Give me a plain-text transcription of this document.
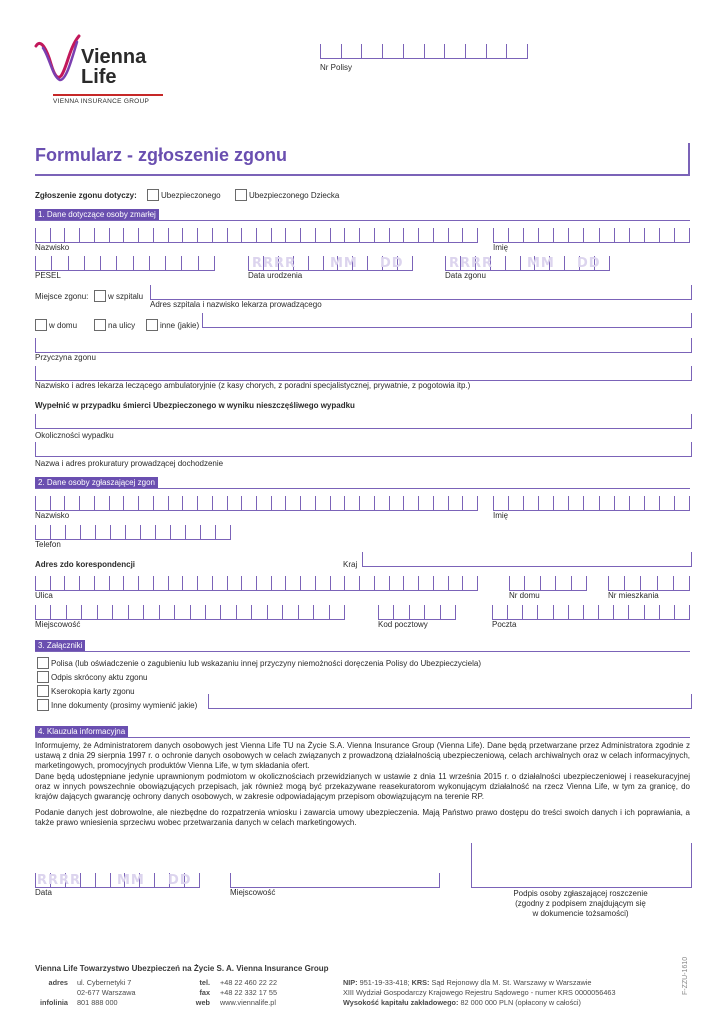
Vienna
Life
VIENNA INSURANCE GROUP
Nr Polisy
Formularz - zgłoszenie zgonu
Zgłoszenie zgonu dotyczy:	Ubezpieczonego	Ubezpieczonego Dziecka
1. Dane dotyczące osoby zmarłej
Nazwisko	Imię
RRRR	MM DD	RRRR	MM DD
PESEL	Data urodzenia	Data zgonu
Miejsce zgonu: w szpitalu
Adres szpitala i nazwisko lekarza prowadzącego
w domu	na ulicy	inne (jakie)
Przyczyna zgonu
Nazwisko i adres lekarza leczącego ambulatoryjnie (z kasy chorych, z poradni specjalistycznej, prywatnie, z pogotowia itp.)
Wypełnić w przypadku śmierci Ubezpieczonego w wyniku nieszczęśliwego wypadku
Okoliczności wypadku
Nazwa i adres prokuratury prowadzącej dochodzenie
2. Dane osoby zgłaszającej zgon
Nazwisko	Imię
Telefon
Adres zdo korespondencji	Kraj
Ulica	Nr domu	Nr mieszkania
Miejscowość	Kod pocztowy	Poczta
3. Załączniki
Polisa (lub oświadczenie o zagubieniu lub wskazaniu innej przyczyny niemożności doręczenia Polisy do Ubezpieczyciela)
Odpis skrócony aktu zgonu
Kserokopia karty zgonu
Inne dokumenty (prosimy wymienić jakie)
4. Klauzula informacyjna
Informujemy, że Administratorem danych osobowych jest Vienna Life TU na Życie S.A. Vienna Insurance Group (Vienna Life). Dane będą przetwarzane przez Administratora zgodnie z ustawą z dnia 29 sierpnia 1997 r. o ochronie danych osobowych w celach związanych z prowadzoną działalnością ubezpieczeniową, celach archiwalnych oraz w celach informacyjnych, marketingowych, promocyjnych produktów Vienna Life, w tym składania ofert.
Dane będą udostępniane jedynie uprawnionym podmiotom w okolicznościach przewidzianych w ustawie z dnia 11 września 2015 r. o działalności ubezpieczeniowej i reasekuracyjnej oraz w innych powszechnie obowiązujących przepisach, jak również mogą być przekazywane reasekuratorom wykonującym działalność na rzecz Vienna Life, w tym za granicę, do krajów dających gwarancję ochrony danych osobowych, w zakresie odpowiadającym przepisom obowiązującym na terenie RP.
Podanie danych jest dobrowolne, ale niezbędne do rozpatrzenia wniosku i zawarcia umowy ubezpieczenia. Mają Państwo prawo dostępu do treści swoich danych i ich poprawiania, a także prawo wniesienia sprzeciwu wobec przetwarzania danych w celach marketingowych.
RRRR	MM DD
Data	Miejscowość	Podpis osoby zgłaszającej roszczenie
(zgodny z podpisem znajdującym się
w dokumencie tożsamości)
Vienna Life Towarzystwo Ubezpieczeń na Życie S. A. Vienna Insurance Group
adres ul. Cybernetyki 7
02-677 Warszawa
infolinia 801 888 000
tel. +48 22 460 22 22
fax +48 22 332 17 55
web www.viennalife.pl
NIP: 951-19-33-418; KRS: Sąd Rejonowy dla M. St. Warszawy w Warszawie
XIII Wydział Gospodarczy Krajowego Rejestru Sądowego - numer KRS 0000056463
Wysokość kapitału zakładowego: 82 000 000 PLN (opłacony w całości)
F-ZZU-1610
